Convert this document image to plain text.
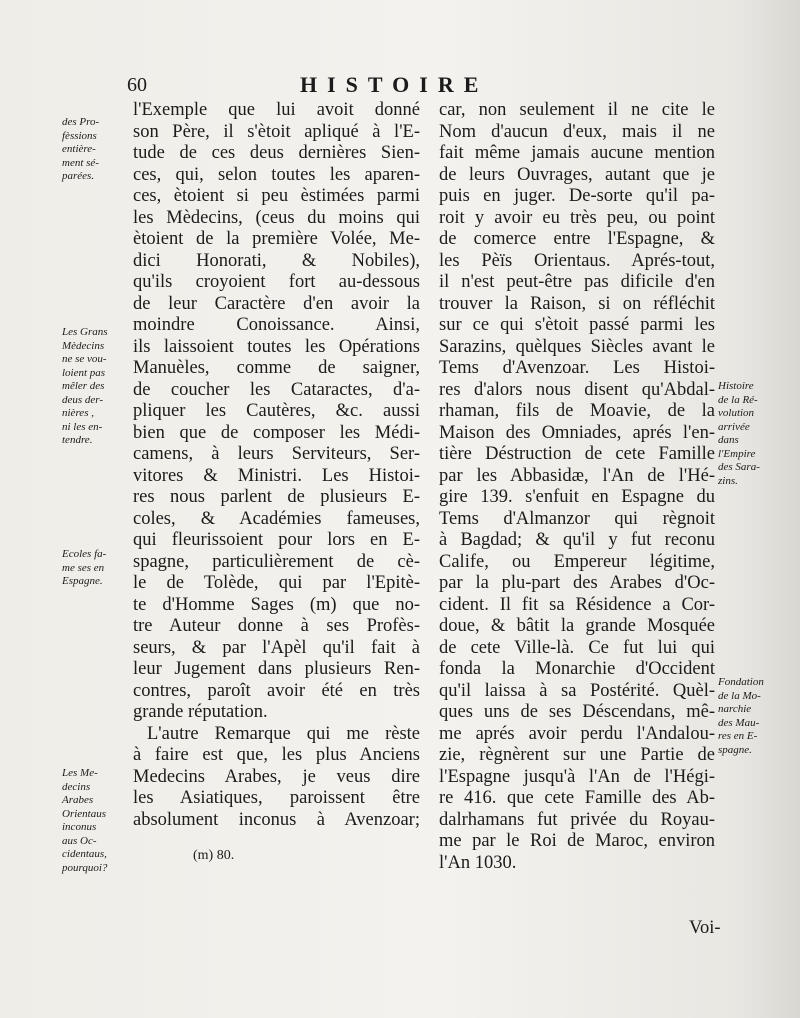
60	HISTOIRE
des Pro-
fèssions
entière-
ment sé-
parées.
Les Grans
Mèdecins
ne se vou-
loient pas
mêler des
deus der-
nières ,
ni les en-
tendre.
Ecoles fa-
me ses en
Espagne.
Les Me-
decins
Arabes
Orientaus
inconus
aus Oc-
cidentaus,
pourquoi?
Histoire
de la Ré-
volution
arrivée
dans
l'Empire
des Sara-
zins.
Fondation
de la Mo-
narchie
des Mau-
res en E-
spagne.
l'Exemple que lui avoit donné
son Père, il s'ètoit apliqué à l'E-
tude de ces deus dernières Sien-
ces, qui, selon toutes les aparen-
ces, ètoient si peu èstimées parmi
les Mèdecins, (ceus du moins qui
ètoient de la première Volée, Me-
dici Honorati, & Nobiles),
qu'ils croyoient fort au-dessous
de leur Caractère d'en avoir la
moindre Conoissance. Ainsi,
ils laissoient toutes les Opérations
Manuèles, comme de saigner,
de coucher les Cataractes, d'a-
pliquer les Cautères, &c. aussi
bien que de composer les Médi-
camens, à leurs Serviteurs, Ser-
vitores & Ministri. Les Histoi-
res nous parlent de plusieurs E-
coles, & Académies fameuses,
qui fleurissoient pour lors en E-
spagne, particulièrement de cè-
le de Tolède, qui par l'Epitè-
te d'Homme Sages (m) que no-
tre Auteur donne à ses Profès-
seurs, & par l'Apèl qu'il fait à
leur Jugement dans plusieurs Ren-
contres, paroît avoir été en très
grande réputation.
L'autre Remarque qui me rèste
à faire est que, les plus Anciens
Medecins Arabes, je veus dire
les Asiatiques, paroissent être
absolument inconus à Avenzoar;
(m) 80.
car, non seulement il ne cite le
Nom d'aucun d'eux, mais il ne
fait même jamais aucune mention
de leurs Ouvrages, autant que je
puis en juger. De-sorte qu'il pa-
roit y avoir eu très peu, ou point
de comerce entre l'Espagne, &
les Pèïs Orientaus. Aprés-tout,
il n'est peut-être pas dificile d'en
trouver la Raison, si on réfléchit
sur ce qui s'ètoit passé parmi les
Sarazins, quèlques Siècles avant le
Tems d'Avenzoar. Les Histoi-
res d'alors nous disent qu'Abdal-
rhaman, fils de Moavie, de la
Maison des Omniades, aprés l'en-
tière Déstruction de cete Famille
par les Abbasidæ, l'An de l'Hé-
gire 139. s'enfuit en Espagne du
Tems d'Almanzor qui règnoit
à Bagdad; & qu'il y fut reconu
Calife, ou Empereur légitime,
par la plu-part des Arabes d'Oc-
cident. Il fit sa Résidence a Cor-
doue, & bâtit la grande Mosquée
de cete Ville-là. Ce fut lui qui
fonda la Monarchie d'Occident
qu'il laissa à sa Postérité. Quèl-
ques uns de ses Déscendans, mê-
me aprés avoir perdu l'Andalou-
zie, règnèrent sur une Partie de
l'Espagne jusqu'à l'An de l'Hégi-
re 416. que cete Famille des Ab-
dalrhamans fut privée du Royau-
me par le Roi de Maroc, environ
l'An 1030.
Voi-
